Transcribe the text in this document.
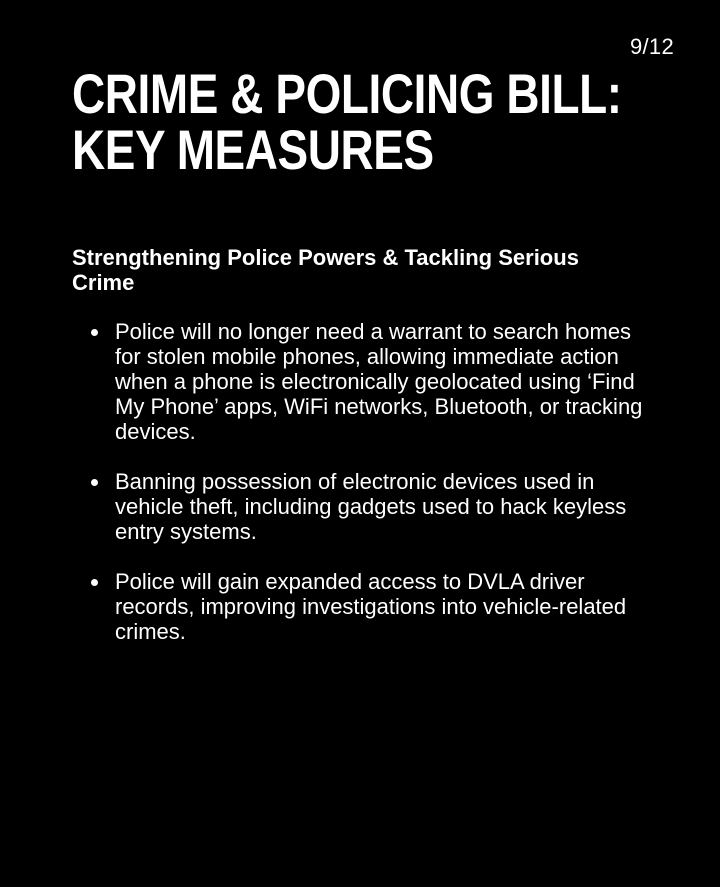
9/12
CRIME & POLICING BILL:
KEY MEASURES
Strengthening Police Powers & Tackling Serious Crime
Police will no longer need a warrant to search homes for stolen mobile phones, allowing immediate action when a phone is electronically geolocated using ‘Find My Phone’ apps, WiFi networks, Bluetooth, or tracking devices.
Banning possession of electronic devices used in vehicle theft, including gadgets used to hack keyless entry systems.
Police will gain expanded access to DVLA driver records, improving investigations into vehicle-related crimes.
